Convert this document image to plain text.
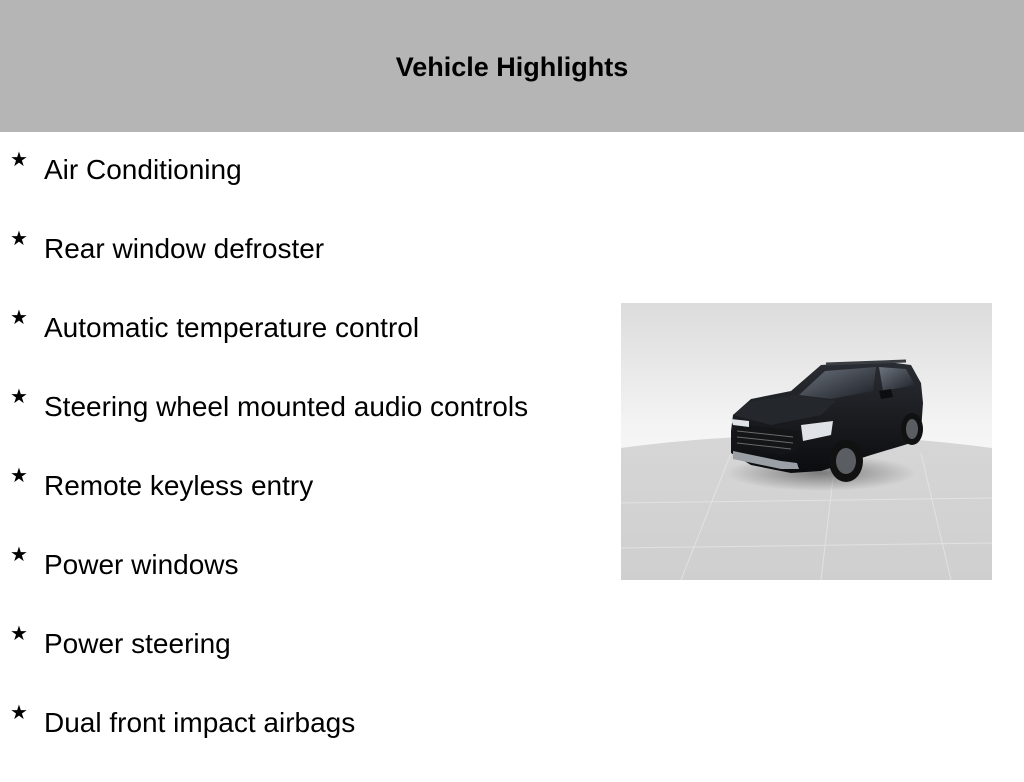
Vehicle Highlights
★ Air Conditioning
★ Rear window defroster
★ Automatic temperature control
★ Steering wheel mounted audio controls
★ Remote keyless entry
★ Power windows
★ Power steering
★ Dual front impact airbags
